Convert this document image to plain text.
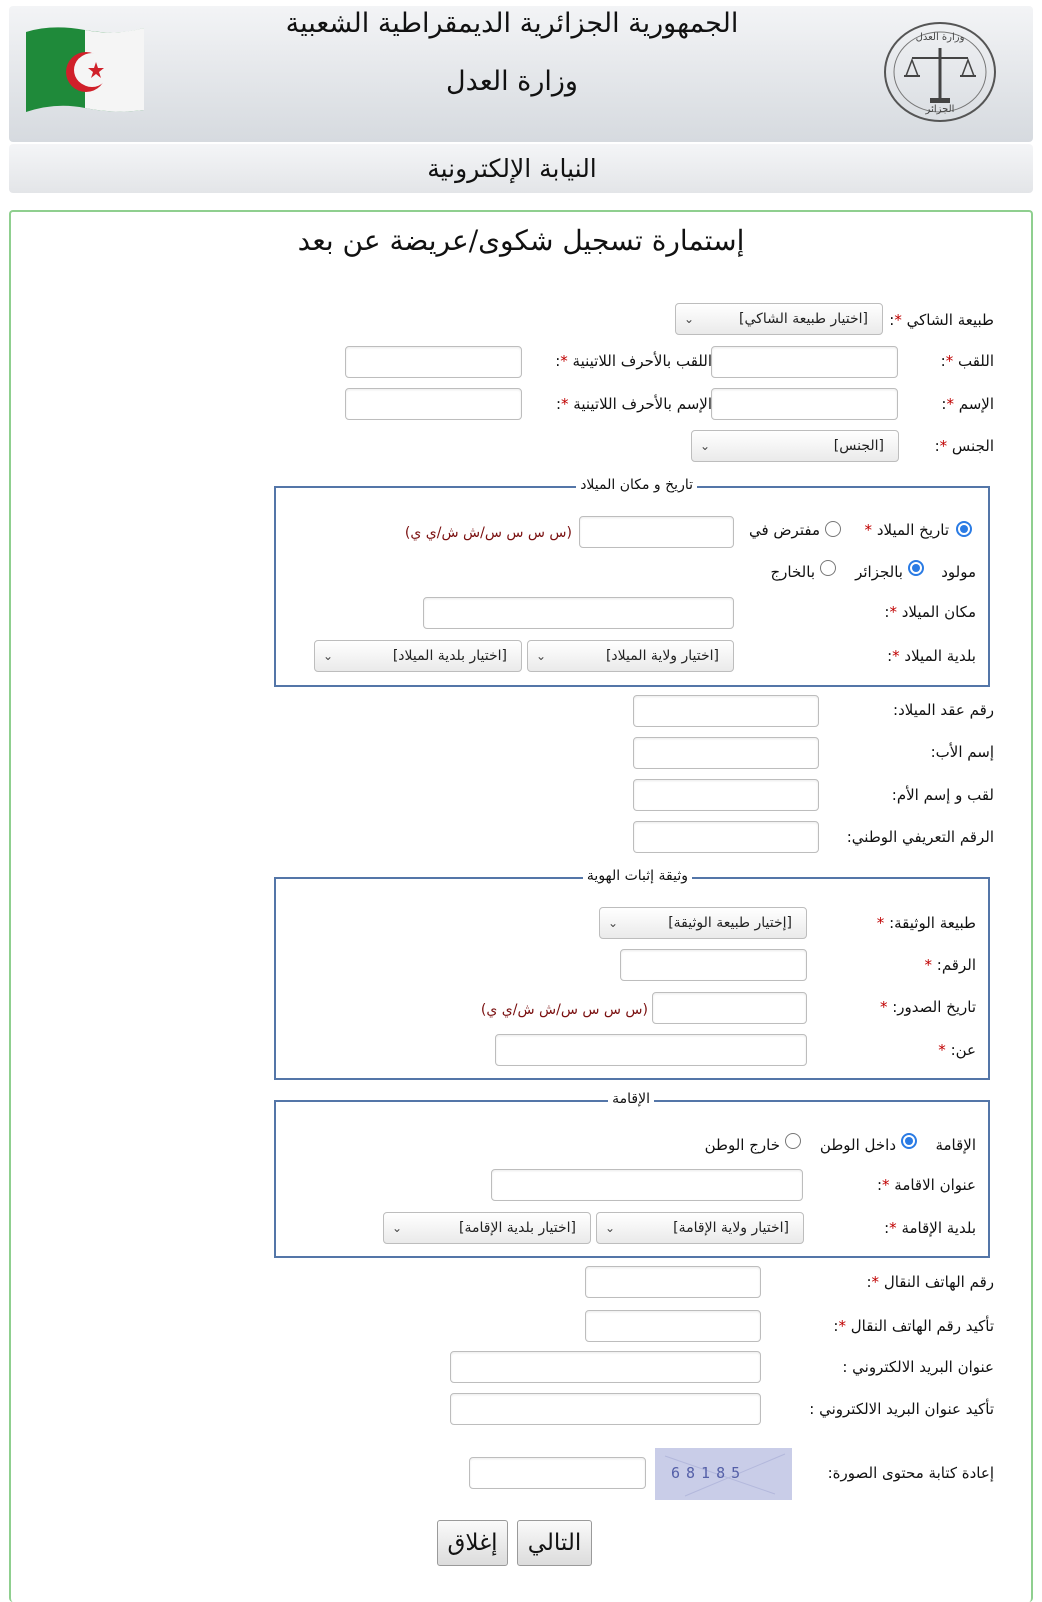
الجمهورية الجزائرية الديمقراطية الشعبية
وزارة العدل
وزارة العدل
الجزائر
النيابة الإلكترونية
إستمارة تسجيل شكوى/عريضة عن بعد
طبيعة الشاكي *:
[اختيار طبيعة الشاكي]
⌄
اللقب *:
اللقب بالأحرف اللاتينية *:
الإسم *:
الإسم بالأحرف اللاتينية *:
الجنس *:
[الجنس]
⌄
تاريخ و مكان الميلاد
تاريخ الميلاد *
مفترض في
(س س س س/ش ش/ي ي)
مولود
بالجزائر
بالخارج
مكان الميلاد *:
بلدية الميلاد *:
[اختيار ولاية الميلاد]
⌄
[اختيار بلدية الميلاد]
⌄
رقم عقد الميلاد:
إسم الأب:
لقب و إسم الأم:
الرقم التعريفي الوطني:
وثيقة إثبات الهوية
طبيعة الوثيقة: *
[إختيار طبيعة الوثيقة]
⌄
الرقم: *
تاريخ الصدور: *
(س س س س/ش ش/ي ي)
عن: *
الإقامة
الإقامة
داخل الوطن
خارج الوطن
عنوان الاقامة *:
بلدية الإقامة *:
[اختيار ولاية الإقامة]
⌄
[اختيار بلدية الإقامة]
⌄
رقم الهاتف النقال *:
تأكيد رقم الهاتف النقال *:
عنوان البريد الالكتروني :
تأكيد عنوان البريد الالكتروني :
إعادة كتابة محتوى الصورة:
68185
التالي
إغلاق
